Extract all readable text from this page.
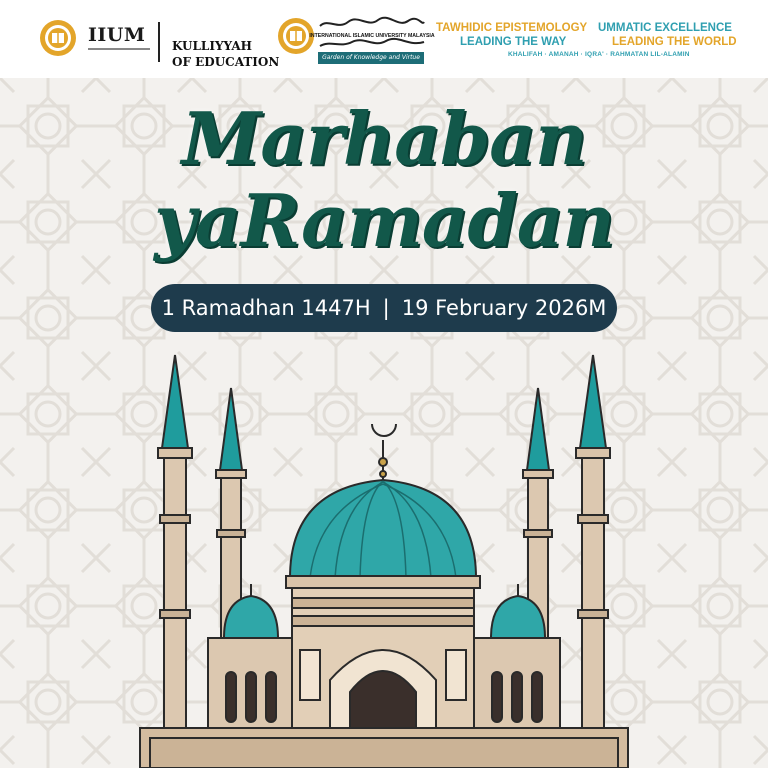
IIUM KULLIYYAH
OF EDUCATION
INTERNATIONAL ISLAMIC UNIVERSITY MALAYSIA
Garden of Knowledge and Virtue
TAWHIDIC EPISTEMOLOGY
LEADING THE WAY
UMMATIC EXCELLENCE
LEADING THE WORLD
KHALIFAH · AMANAH · IQRA' · RAHMATAN LIL-ALAMIN
Marhaban
yaRamadan
1 Ramadhan 1447H | 19 February 2026M
